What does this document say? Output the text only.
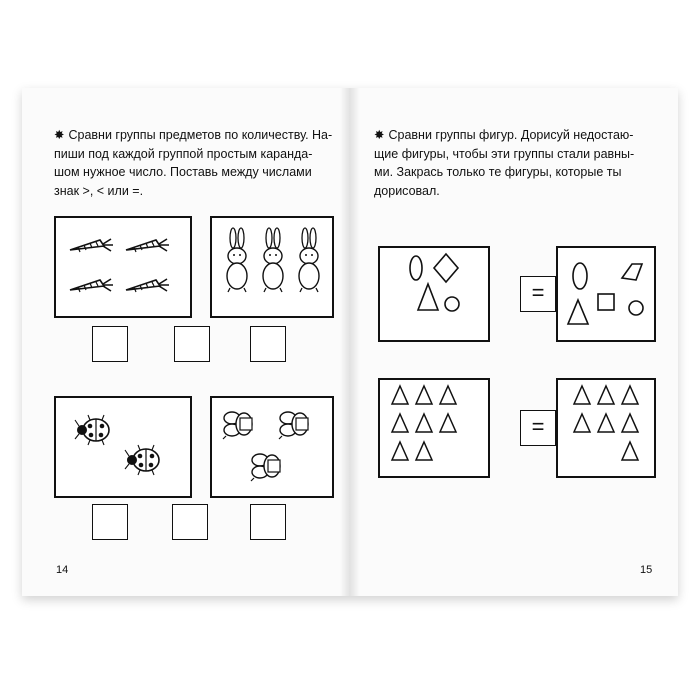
✸ Сравни группы предметов по количеству. На-
пиши под каждой группой простым каранда-
шом нужное число. Поставь между числами
знак >, < или =.
14
✸ Сравни группы фигур. Дорисуй недостаю-
щие фигуры, чтобы эти группы стали равны-
ми. Закрась только те фигуры, которые ты
дорисовал.
=
=
15
